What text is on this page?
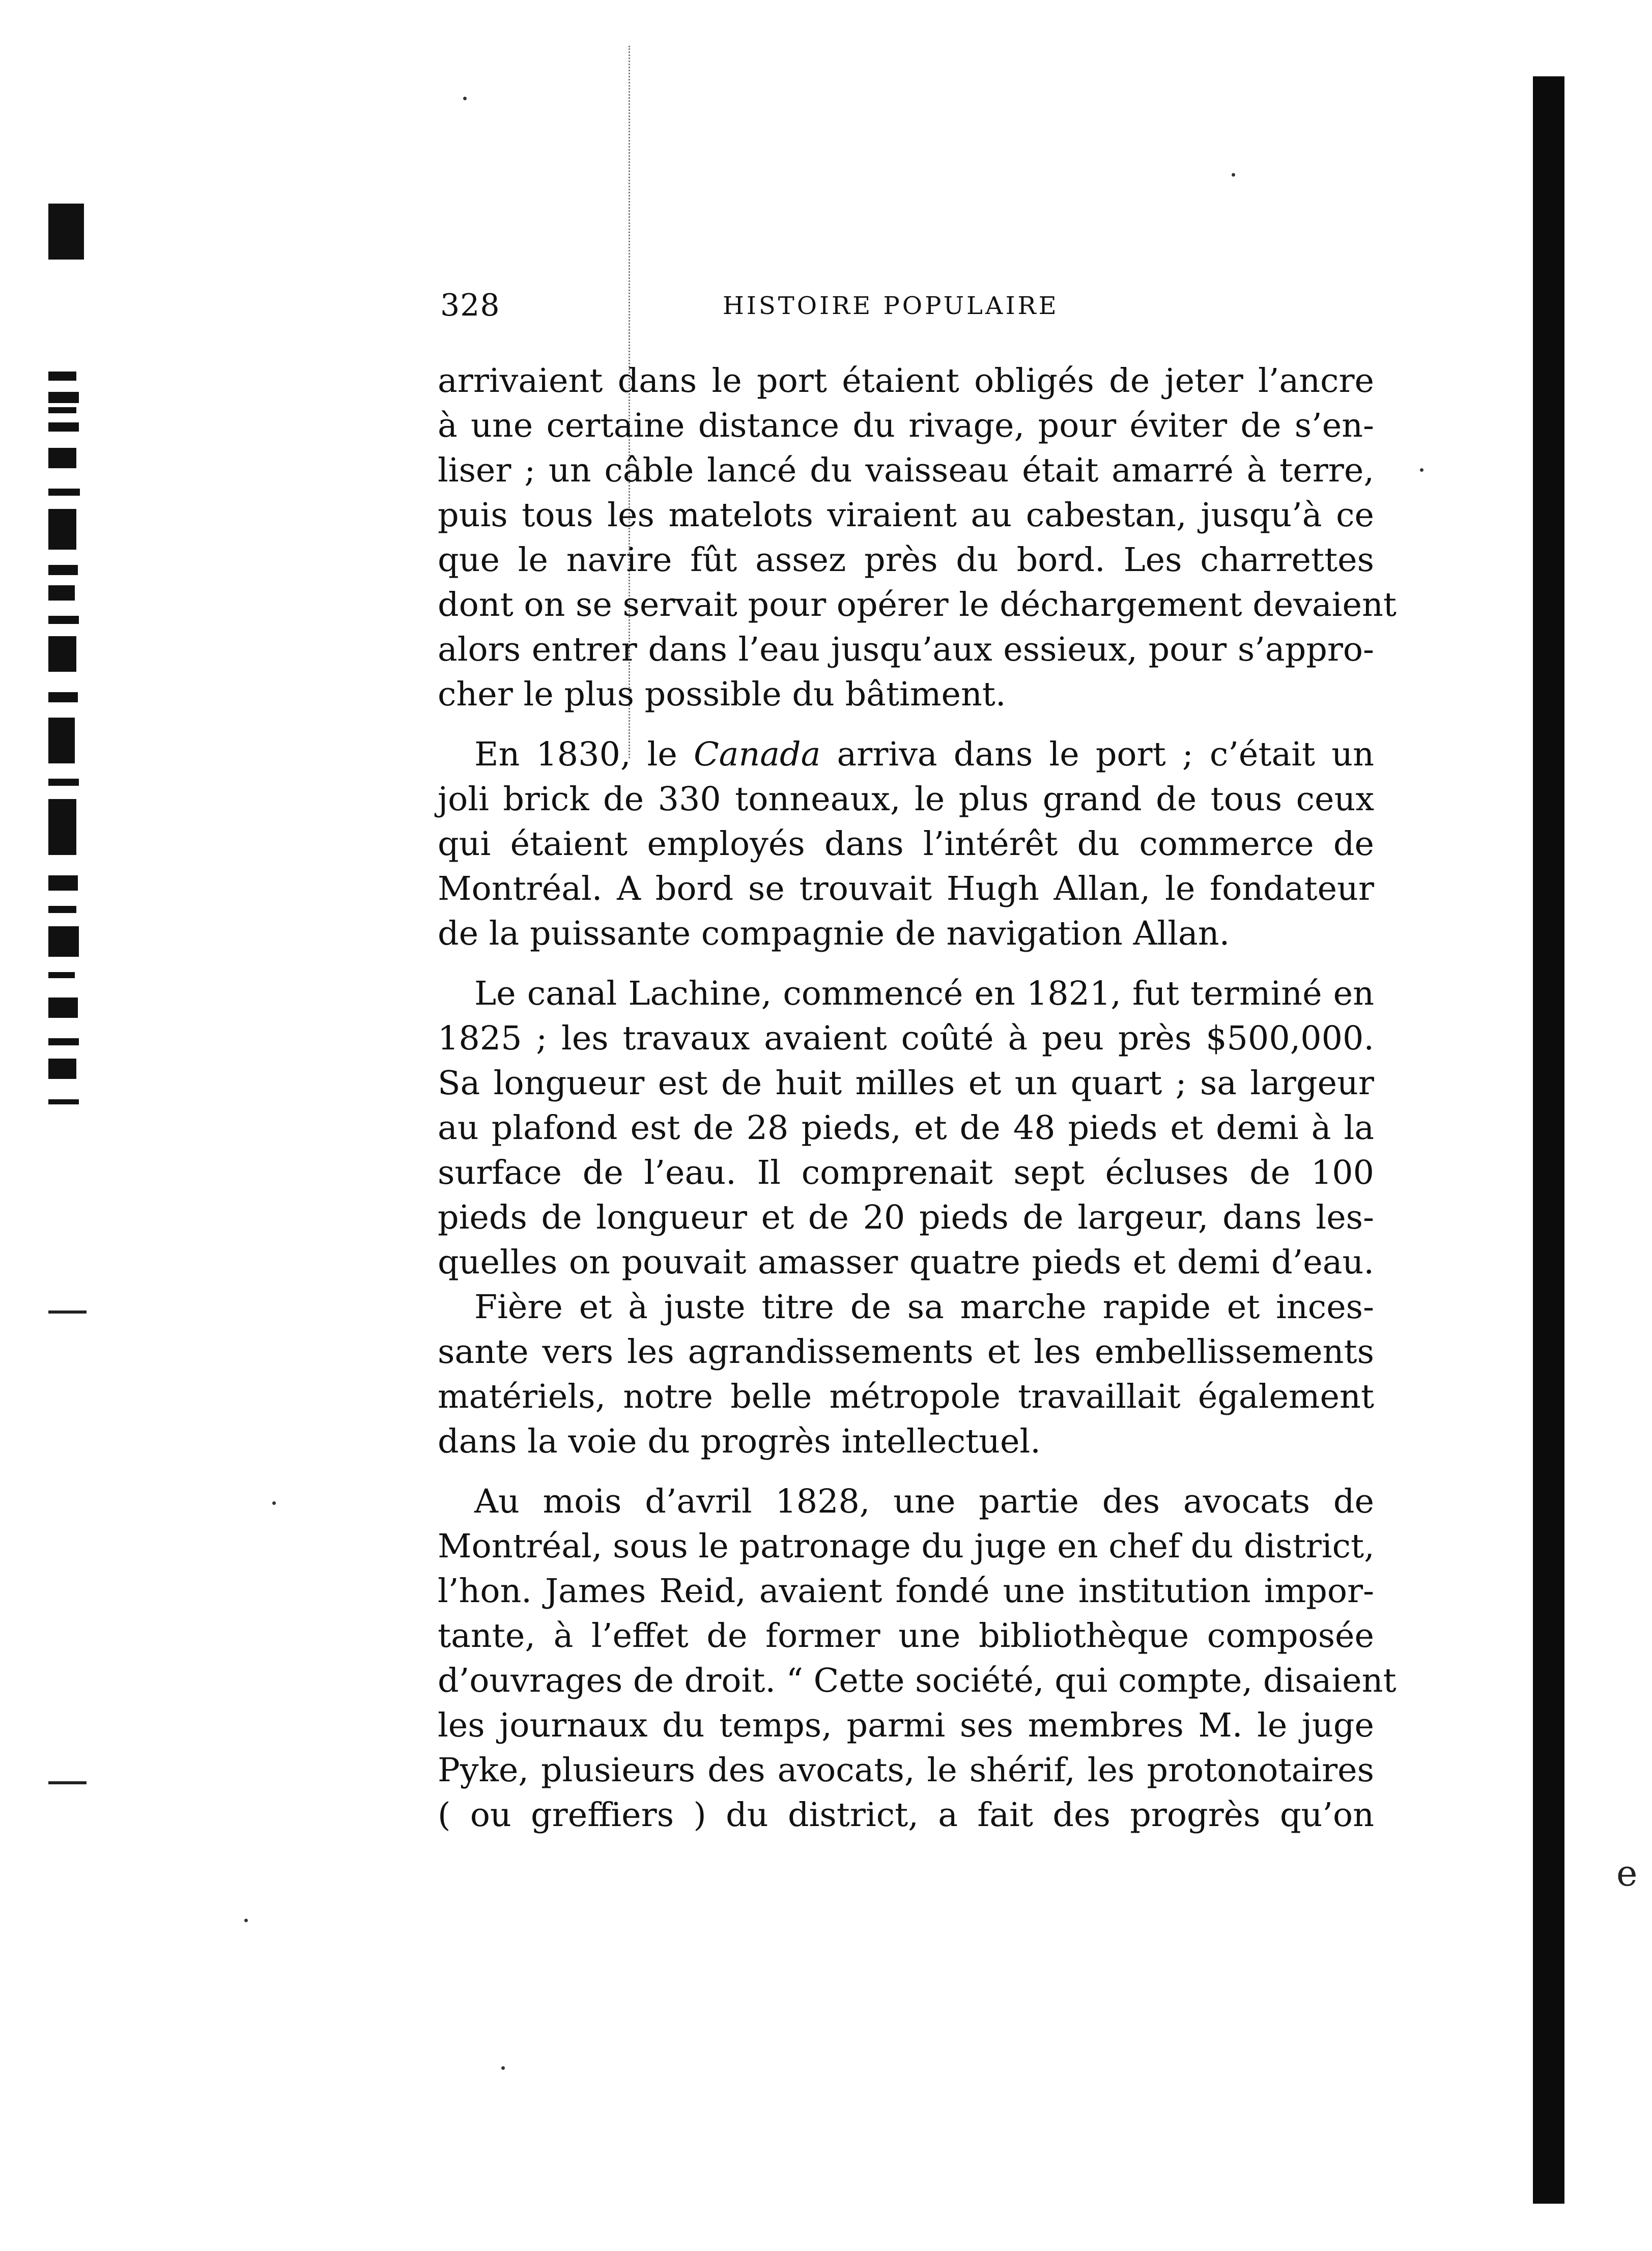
e
328	HISTOIRE POPULAIRE

arrivaient dans le port étaient obligés de jeter l’ancre
à une certaine distance du rivage, pour éviter de s’en-
liser ; un câble lancé du vaisseau était amarré à terre,
puis tous les matelots viraient au cabestan, jusqu’à ce
que le navire fût assez près du bord. Les charrettes
dont on se servait pour opérer le déchargement devaient
alors entrer dans l’eau jusqu’aux essieux, pour s’appro-
cher le plus possible du bâtiment.

En 1830, le Canada arriva dans le port ; c’était un
joli brick de 330 tonneaux, le plus grand de tous ceux
qui étaient employés dans l’intérêt du commerce de
Montréal. A bord se trouvait Hugh Allan, le fondateur
de la puissante compagnie de navigation Allan.

Le canal Lachine, commencé en 1821, fut terminé en
1825 ; les travaux avaient coûté à peu près $500,000.
Sa longueur est de huit milles et un quart ; sa largeur
au plafond est de 28 pieds, et de 48 pieds et demi à la
surface de l’eau. Il comprenait sept écluses de 100
pieds de longueur et de 20 pieds de largeur, dans les-
quelles on pouvait amasser quatre pieds et demi d’eau.

Fière et à juste titre de sa marche rapide et inces-
sante vers les agrandissements et les embellissements
matériels, notre belle métropole travaillait également
dans la voie du progrès intellectuel.

Au mois d’avril 1828, une partie des avocats de
Montréal, sous le patronage du juge en chef du district,
l’hon. James Reid, avaient fondé une institution impor-
tante, à l’effet de former une bibliothèque composée
d’ouvrages de droit. “ Cette société, qui compte, disaient
les journaux du temps, parmi ses membres M. le juge
Pyke, plusieurs des avocats, le shérif, les protonotaires
( ou greffiers ) du district, a fait des progrès qu’on
